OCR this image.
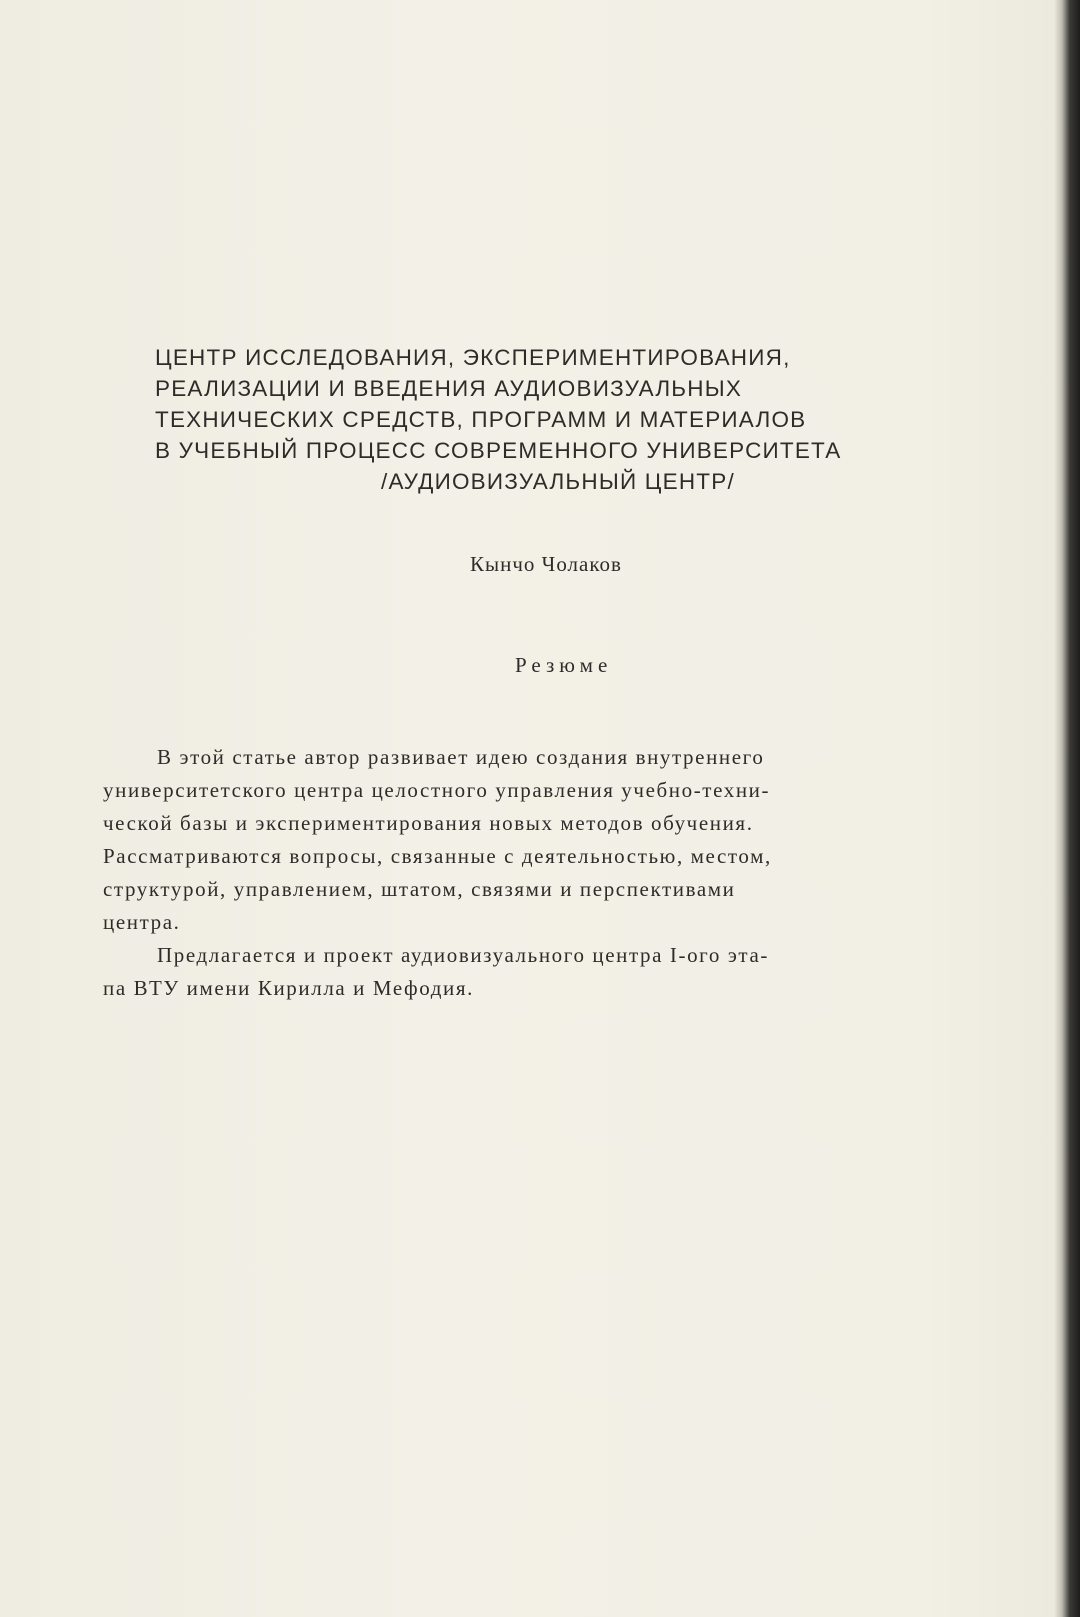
ЦЕНТР ИССЛЕДОВАНИЯ, ЭКСПЕРИМЕНТИРОВАНИЯ,
РЕАЛИЗАЦИИ И ВВЕДЕНИЯ АУДИОВИЗУАЛЬНЫХ
ТЕХНИЧЕСКИХ СРЕДСТВ, ПРОГРАММ И МАТЕРИАЛОВ
В УЧЕБНЫЙ ПРОЦЕСС СОВРЕМЕННОГО УНИВЕРСИТЕТА
/АУДИОВИЗУАЛЬНЫЙ ЦЕНТР/
Кынчо Чолаков
Резюме
В этой статье автор развивает идею создания внутреннего
университетского центра целостного управления учебно-техни-
ческой базы и экспериментирования новых методов обучения.
Рассматриваются вопросы, связанные с деятельностью, местом,
структурой, управлением, штатом, связями и перспективами
центра.
Предлагается и проект аудиовизуального центра I-ого эта-
па ВТУ имени Кирилла и Мефодия.
